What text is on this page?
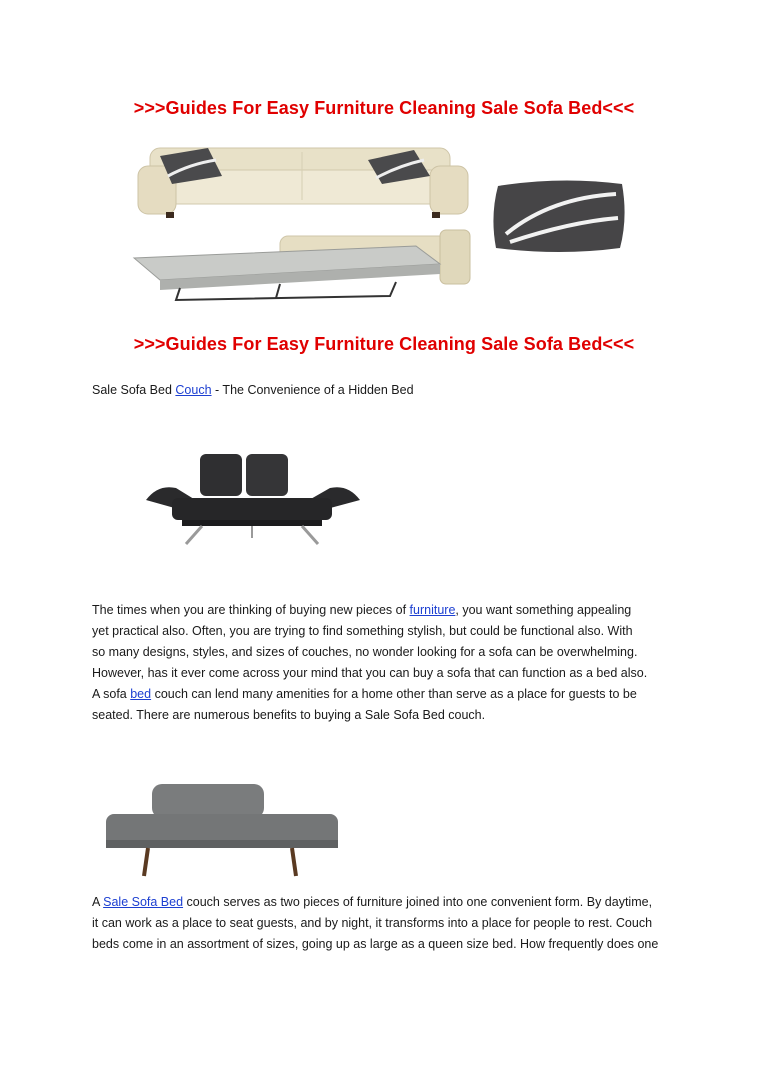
>>>Guides For Easy Furniture Cleaning Sale Sofa Bed<<<
>>>Guides For Easy Furniture Cleaning Sale Sofa Bed<<<
Sale Sofa Bed Couch - The Convenience of a Hidden Bed
The times when you are thinking of buying new pieces of furniture, you want something appealing
yet practical also. Often, you are trying to find something stylish, but could be functional also. With
so many designs, styles, and sizes of couches, no wonder looking for a sofa can be overwhelming.
However, has it ever come across your mind that you can buy a sofa that can function as a bed also.
A sofa bed couch can lend many amenities for a home other than serve as a place for guests to be
seated. There are numerous benefits to buying a Sale Sofa Bed couch.
A Sale Sofa Bed couch serves as two pieces of furniture joined into one convenient form. By daytime,
it can work as a place to seat guests, and by night, it transforms into a place for people to rest. Couch
beds come in an assortment of sizes, going up as large as a queen size bed. How frequently does one
